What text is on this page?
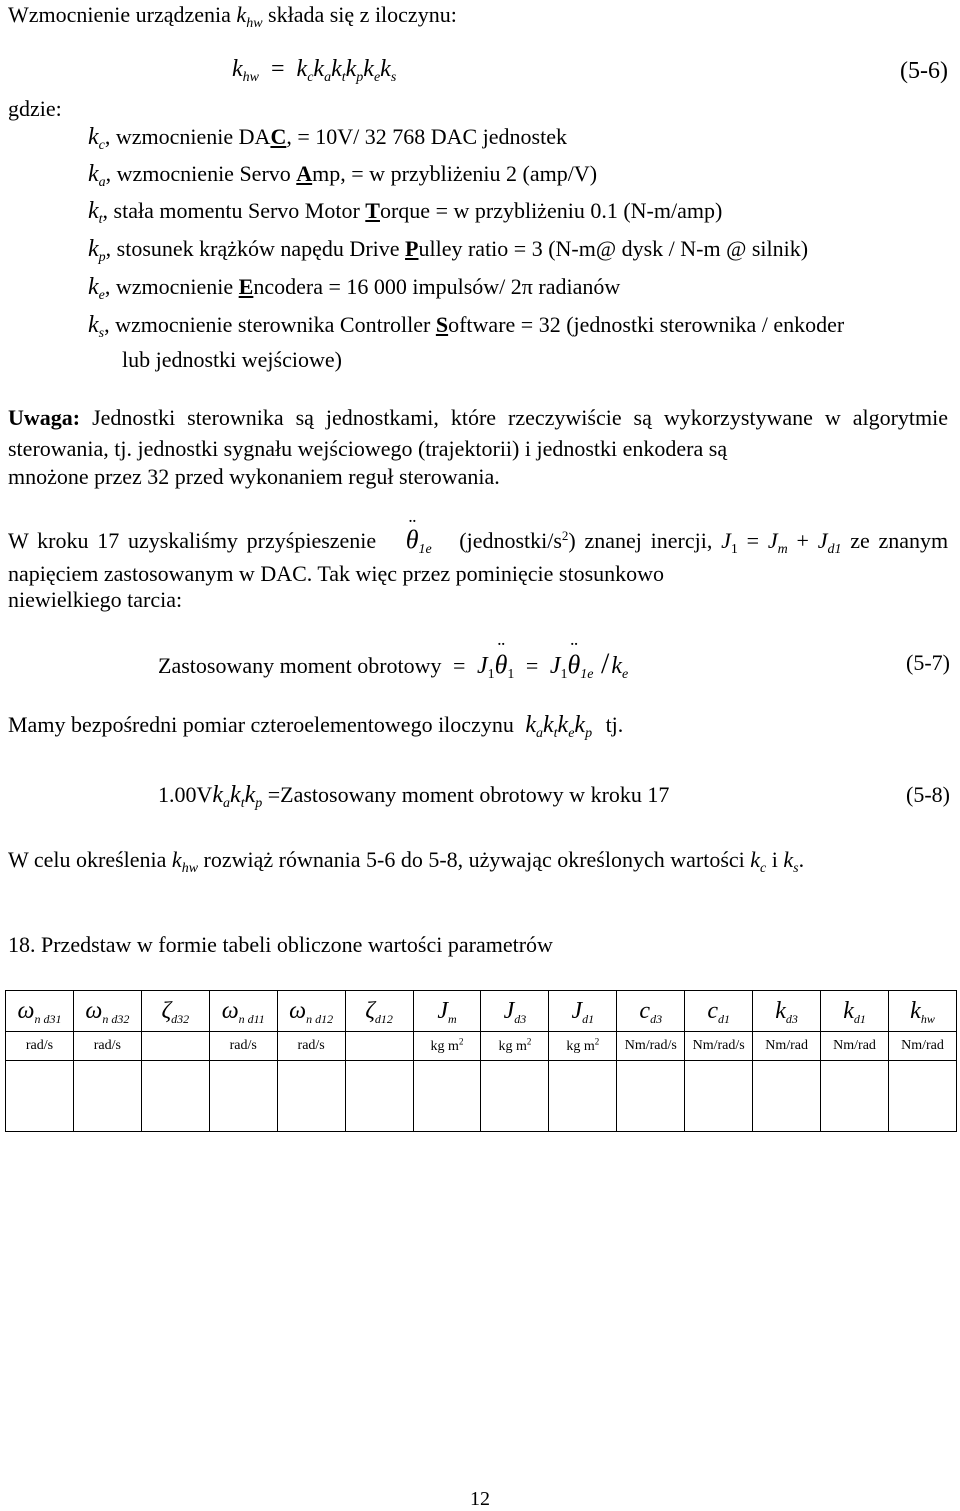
Wzmocnienie urządzenia $k_{hw}$ składa się z iloczynu:
$k_{hw} = k_ck_ak_tk_pk_ek_s$	(5-6)
gdzie:
$k_c$, wzmocnienie DAC, = 10V/ 32 768 DAC jednostek
$k_a$, wzmocnienie Servo Amp, = w przybliżeniu 2 (amp/V)
$k_t$, stała momentu Servo Motor Torque = w przybliżeniu 0.1 (N-m/amp)
$k_p$, stosunek krążków napędu Drive Pulley ratio = 3 (N-m@ dysk / N-m @ silnik)
$k_e$, wzmocnienie Encodera = 16 000 impulsów/ 2π radianów
$k_s$, wzmocnienie sterownika Controller Software = 32 (jednostki sterownika / enkoder
lub jednostki wejściowe)
Uwaga: Jednostki sterownika są jednostkami, które rzeczywiście są wykorzystywane w algorytmie sterowania, tj. jednostki sygnału wejściowego (trajektorii) i jednostki enkodera są
mnożone przez 32 przed wykonaniem reguł sterowania.
W kroku 17 uzyskaliśmy przyśpieszenie ¨ $\theta_{1e}$ $(jednostki/s^2)$ znanej inercji, $J_1 = J_m + J_{d1}$ ze znanym napięciem zastosowanym w DAC. Tak więc przez pominięcie stosunkowo
niewielkiego tarcia:
Zastosowany moment obrotowy = $J_1¨$ $\theta_1$ = $J_1¨$ $\theta_{1e}$ $/k_e$	(5-7)
Mamy bezpośredni pomiar czteroelementowego iloczynu $k_ak_tk_ek_p$ tj.
$1.00Vk_ak_tk_p$ =Zastosowany moment obrotowy w kroku 17	(5-8)
W celu określenia $k_{hw}$ rozwiąż równania 5-6 do 5-8, używając określonych wartości $k_c$ i $k_s$.
18. Przedstaw w formie tabeli obliczone wartości parametrów
$\omega_{n d31}$	$\omega_{n d32}$	$\zeta_{d32}$	$\omega_{n d11}$	$\omega_{n d12}$	$\zeta_{d12}$	$J_m$	$J_{d3}$	$J_{d1}$	$c_{d3}$	$c_{d1}$	$k_{d3}$	$k_{d1}$	$k_{hw}$
rad/s	rad/s		rad/s	rad/s		kg $m^2$	kg $m^2$	kg $m^2$	Nm/rad/s	Nm/rad/s	Nm/rad	Nm/rad	Nm/rad

12
